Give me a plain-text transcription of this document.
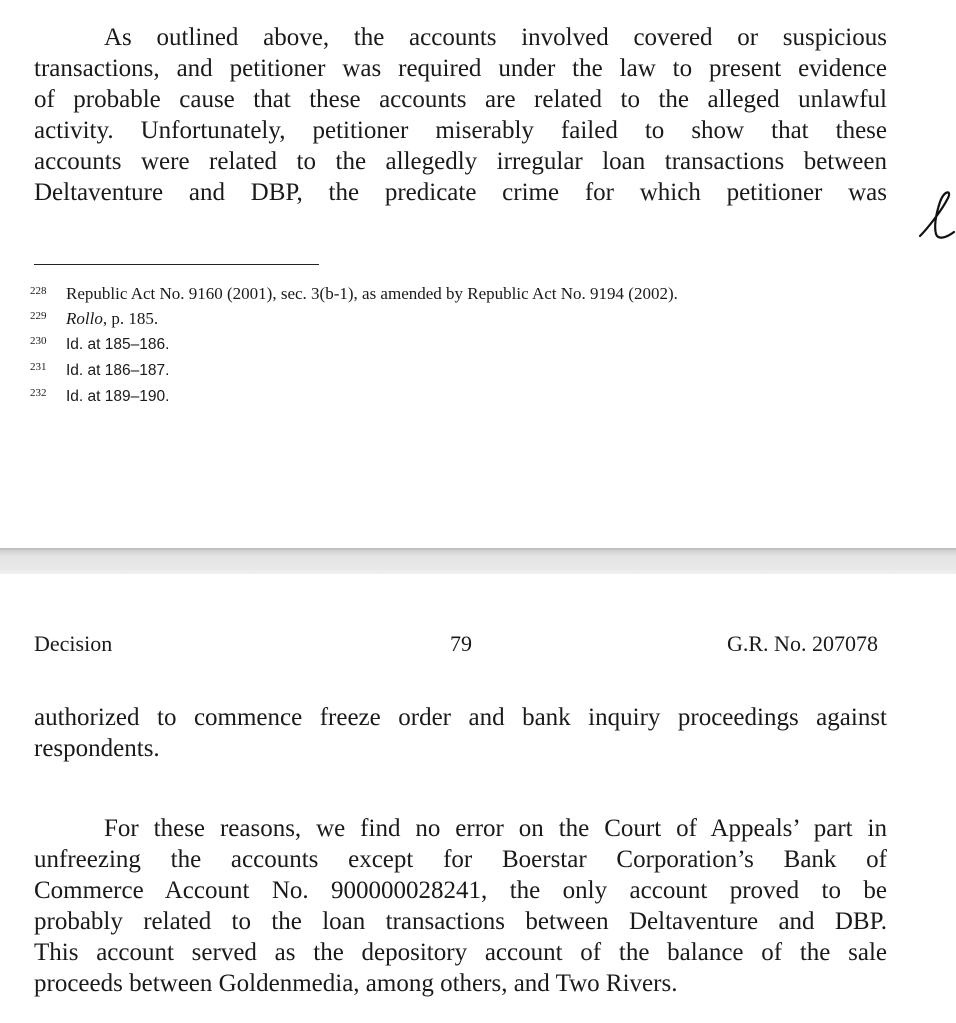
As outlined above, the accounts involved covered or suspicious
transactions, and petitioner was required under the law to present evidence
of probable cause that these accounts are related to the alleged unlawful
activity. Unfortunately, petitioner miserably failed to show that these
accounts were related to the allegedly irregular loan transactions between
Deltaventure and DBP, the predicate crime for which petitioner was

228 Republic Act No. 9160 (2001), sec. 3(b-1), as amended by Republic Act No. 9194 (2002).
229 Rollo, p. 185.
230 Id. at 185–186.
231 Id. at 186–187.
232 Id. at 189–190.
Decision	79	G.R. No. 207078

authorized to commence freeze order and bank inquiry proceedings against
respondents.

For these reasons, we find no error on the Court of Appeals’ part in
unfreezing the accounts except for Boerstar Corporation’s Bank of
Commerce Account No. 900000028241, the only account proved to be
probably related to the loan transactions between Deltaventure and DBP.
This account served as the depository account of the balance of the sale
proceeds between Goldenmedia, among others, and Two Rivers.
